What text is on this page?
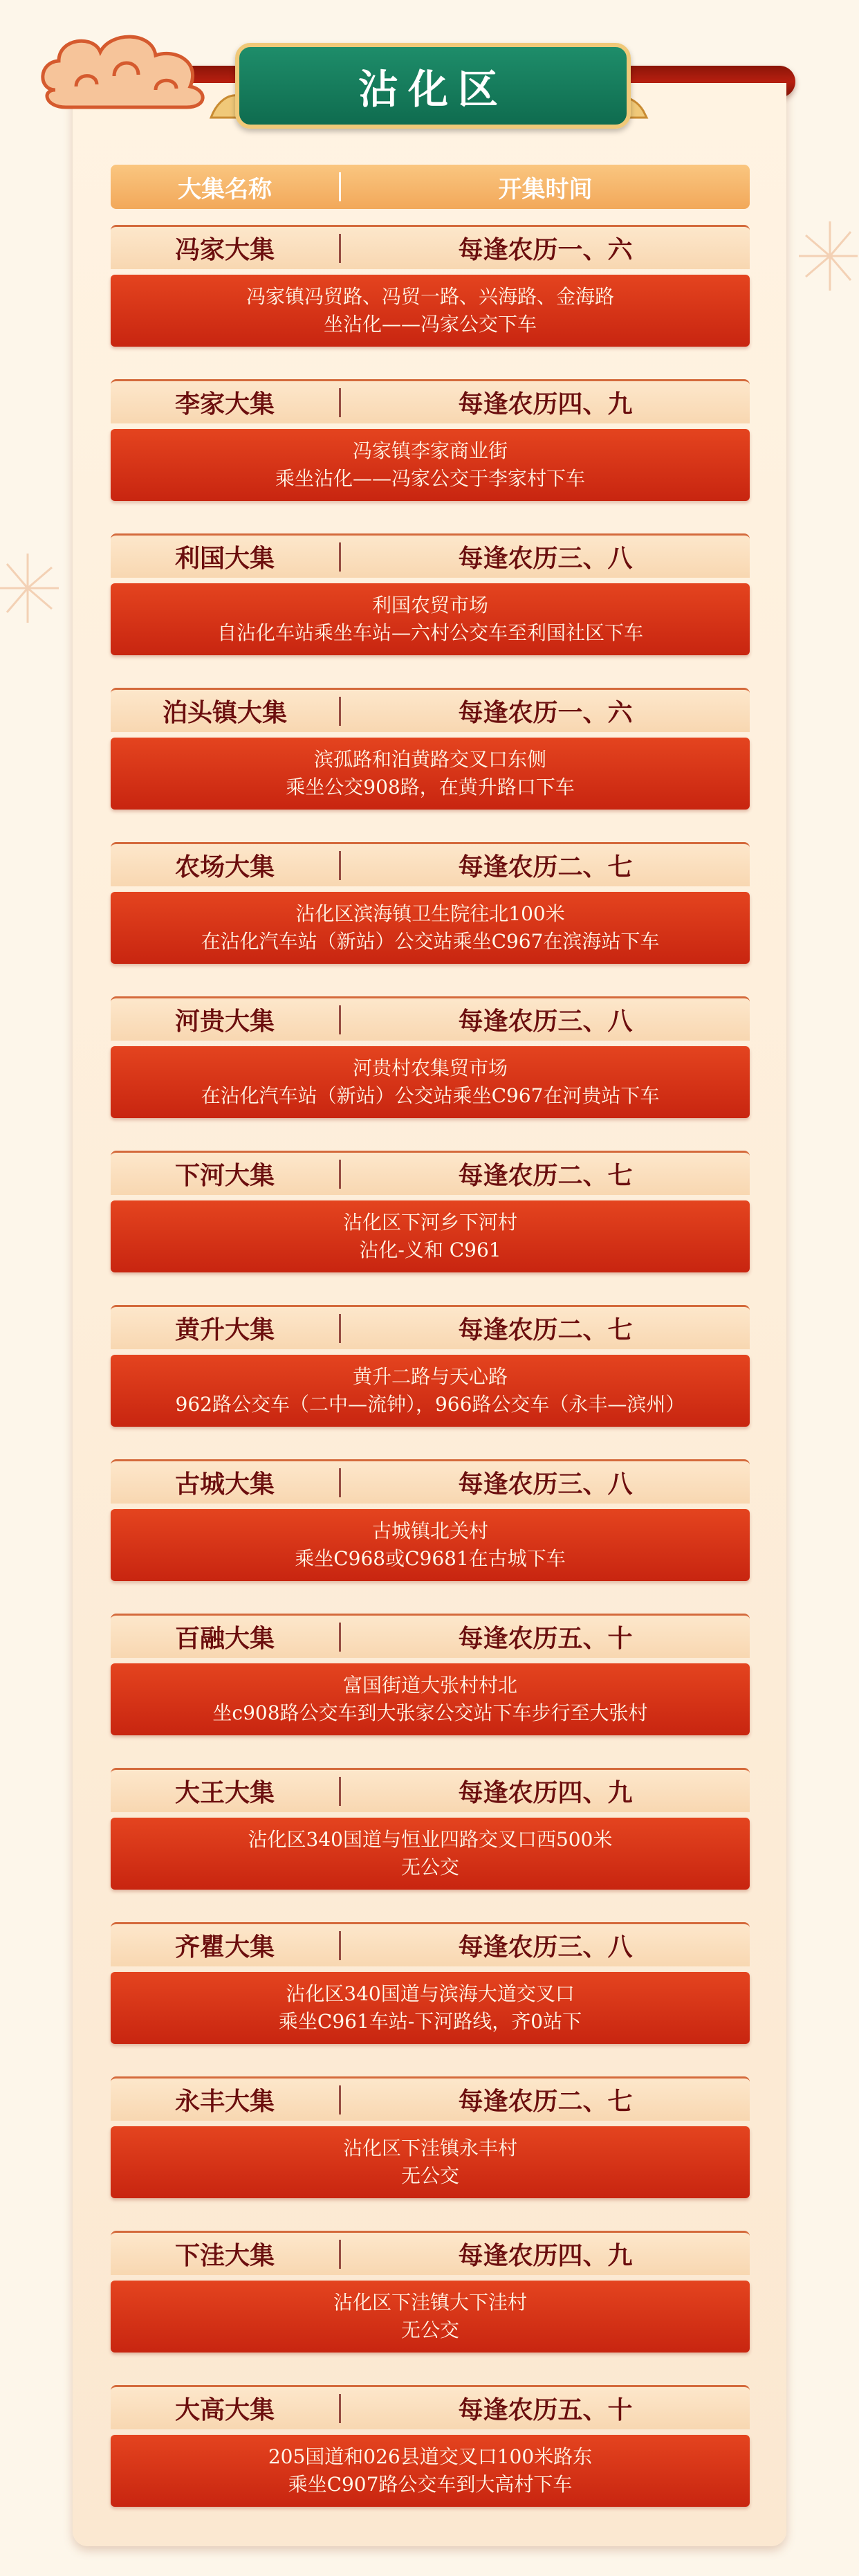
沾化区
大集名称	开集时间
冯家大集	每逢农历一、六
冯家镇冯贸路、冯贸一路、兴海路、金海路
坐沾化——冯家公交下车
李家大集	每逢农历四、九
冯家镇李家商业街
乘坐沾化——冯家公交于李家村下车
利国大集	每逢农历三、八
利国农贸市场
自沾化车站乘坐车站—六村公交车至利国社区下车
泊头镇大集	每逢农历一、六
滨孤路和泊黄路交叉口东侧
乘坐公交908路，在黄升路口下车
农场大集	每逢农历二、七
沾化区滨海镇卫生院往北100米
在沾化汽车站（新站）公交站乘坐C967在滨海站下车
河贵大集	每逢农历三、八
河贵村农集贸市场
在沾化汽车站（新站）公交站乘坐C967在河贵站下车
下河大集	每逢农历二、七
沾化区下河乡下河村
沾化-义和 C961
黄升大集	每逢农历二、七
黄升二路与天心路
962路公交车（二中—流钟），966路公交车（永丰—滨州）
古城大集	每逢农历三、八
古城镇北关村
乘坐C968或C9681在古城下车
百融大集	每逢农历五、十
富国街道大张村村北
坐c908路公交车到大张家公交站下车步行至大张村
大王大集	每逢农历四、九
沾化区340国道与恒业四路交叉口西500米
无公交
齐瞿大集	每逢农历三、八
沾化区340国道与滨海大道交叉口
乘坐C961车站-下河路线，齐0站下
永丰大集	每逢农历二、七
沾化区下洼镇永丰村
无公交
下洼大集	每逢农历四、九
沾化区下洼镇大下洼村
无公交
大高大集	每逢农历五、十
205国道和026县道交叉口100米路东
乘坐C907路公交车到大高村下车
